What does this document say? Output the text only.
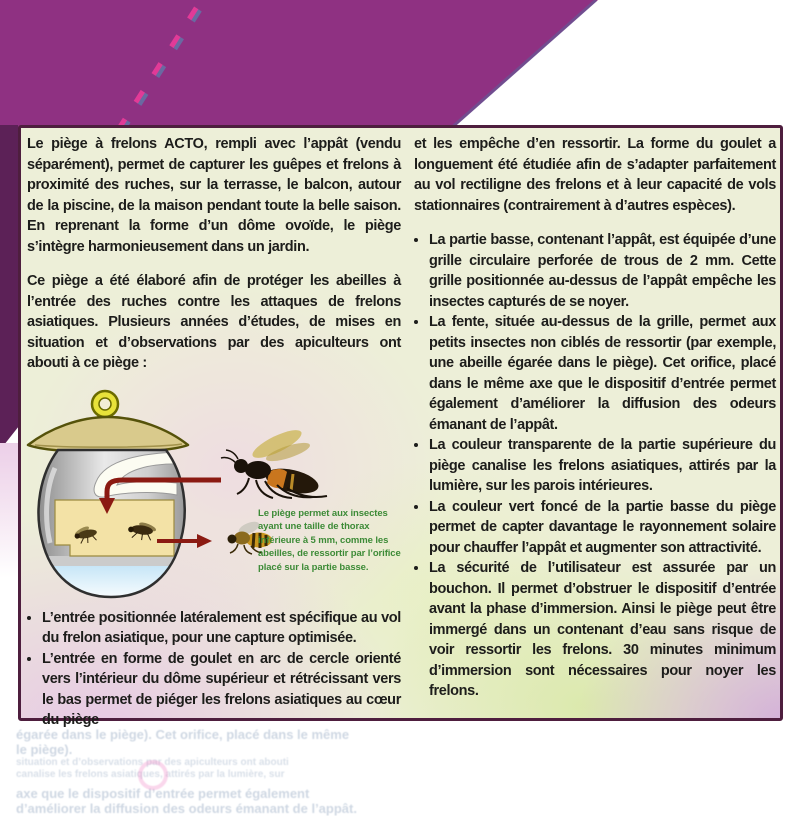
Le piège à frelons ACTO, rempli avec l’appât (vendu séparément), permet de capturer les guêpes et frelons à proximité des ruches, sur la terrasse, le balcon, autour de la piscine, de la maison pendant toute la belle saison. En reprenant la forme d’un dôme ovoïde, le piège s’intègre harmonieusement dans un jardin.

Ce piège a été élaboré afin de protéger les abeilles à l’entrée des ruches contre les attaques de frelons asiatiques. Plusieurs années d’études, de mises en situation et d’observations par des apiculteurs ont abouti à ce piège :

Le piège permet aux insectes
ayant une taille de thorax
inférieure à 5 mm, comme les
abeilles, de ressortir par l’orifice
placé sur la partie basse.
• L’entrée positionnée latéralement est spécifique au vol du frelon asiatique, pour une capture optimisée.
• L’entrée en forme de goulet en arc de cercle orienté vers l’intérieur du dôme supérieur et rétrécissant vers le bas permet de piéger les frelons asiatiques au cœur du piège

et les empêche d’en ressortir. La forme du goulet a longuement été étudiée afin de s’adapter parfaitement au vol rectiligne des frelons et à leur capacité de vols stationnaires (contrairement à d’autres espèces).

• La partie basse, contenant l’appât, est équipée d’une grille circulaire perforée de trous de 2 mm. Cette grille positionnée au-dessus de l’appât empêche les insectes capturés de se noyer.
• La fente, située au-dessus de la grille, permet aux petits insectes non ciblés de ressortir (par exemple, une abeille égarée dans le piège). Cet orifice, placé dans le même axe que le dispositif d’entrée permet également d’améliorer la diffusion des odeurs émanant de l’appât.
• La couleur transparente de la partie supérieure du piège canalise les frelons asiatiques, attirés par la lumière, sur les parois intérieures.
• La couleur vert foncé de la partie basse du piège permet de capter davantage le rayonnement solaire pour chauffer l’appât et augmenter son attractivité.
• La sécurité de l’utilisateur est assurée par un bouchon. Il permet d’obstruer le dispositif d’entrée avant la phase d’immersion. Ainsi le piège peut être immergé dans un contenant d’eau sans risque de voir ressortir les frelons. 30 minutes minimum d’immersion sont nécessaires pour noyer les frelons.
égarée dans le piège). Cet orifice, placé dans le même
le piège).
situation et d’observations par des apiculteurs ont abouti
canalise les frelons asiatiques, attirés par la lumière, sur
axe que le dispositif d’entrée permet également
d’améliorer la diffusion des odeurs émanant de l’appât.
